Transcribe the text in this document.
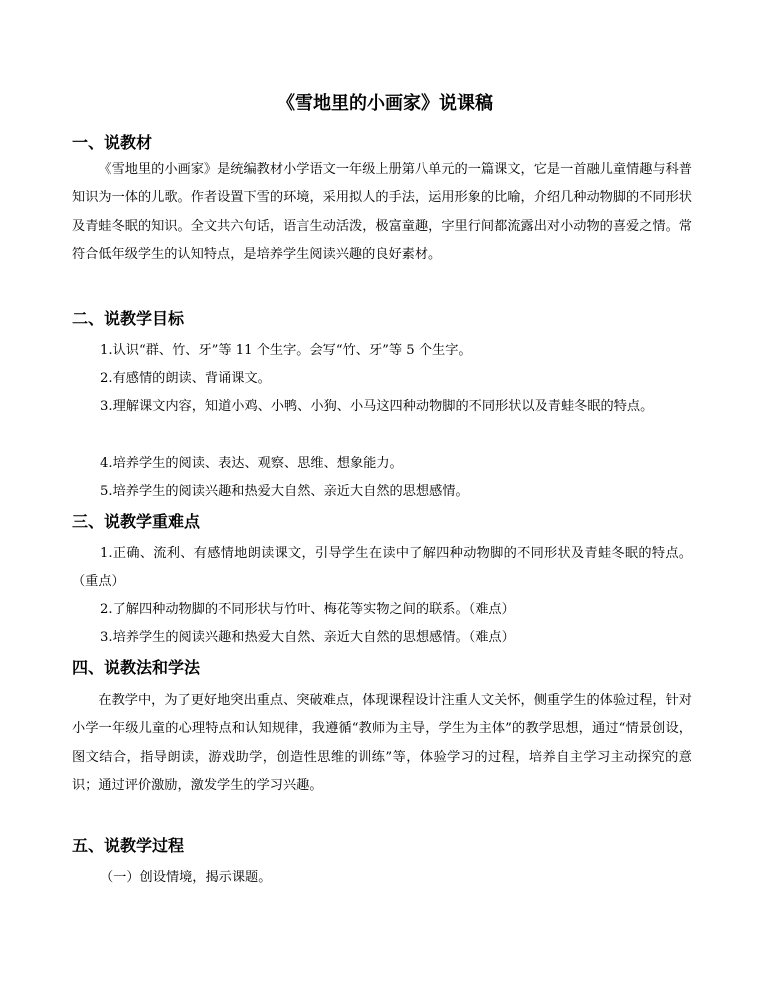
《雪地里的小画家》说课稿
一、说教材

《雪地里的小画家》是统编教材小学语文一年级上册第八单元的一篇课文，它是一首融儿童情趣与科普知识为一体的儿歌。作者设置下雪的环境，采用拟人的手法，运用形象的比喻，介绍几种动物脚的不同形状及青蛙冬眠的知识。全文共六句话，语言生动活泼，极富童趣，字里行间都流露出对小动物的喜爱之情。常符合低年级学生的认知特点，是培养学生阅读兴趣的良好素材。

二、说教学目标

1.认识“群、竹、牙”等 11 个生字。会写“竹、牙”等 5 个生字。

2.有感情的朗读、背诵课文。

3.理解课文内容，知道小鸡、小鸭、小狗、小马这四种动物脚的不同形状以及青蛙冬眠的特点。

4.培养学生的阅读、表达、观察、思维、想象能力。

5.培养学生的阅读兴趣和热爱大自然、亲近大自然的思想感情。

三、说教学重难点

1.正确、流利、有感情地朗读课文，引导学生在读中了解四种动物脚的不同形状及青蛙冬眠的特点。（重点）

2.了解四种动物脚的不同形状与竹叶、梅花等实物之间的联系。（难点）

3.培养学生的阅读兴趣和热爱大自然、亲近大自然的思想感情。（难点）

四、说教法和学法

在教学中，为了更好地突出重点、突破难点，体现课程设计注重人文关怀，侧重学生的体验过程，针对小学一年级儿童的心理特点和认知规律，我遵循“教师为主导，学生为主体”的教学思想，通过“情景创设，图文结合，指导朗读，游戏助学，创造性思维的训练”等，体验学习的过程，培养自主学习主动探究的意识；通过评价激励，激发学生的学习兴趣。

五、说教学过程

（一）创设情境，揭示课题。
